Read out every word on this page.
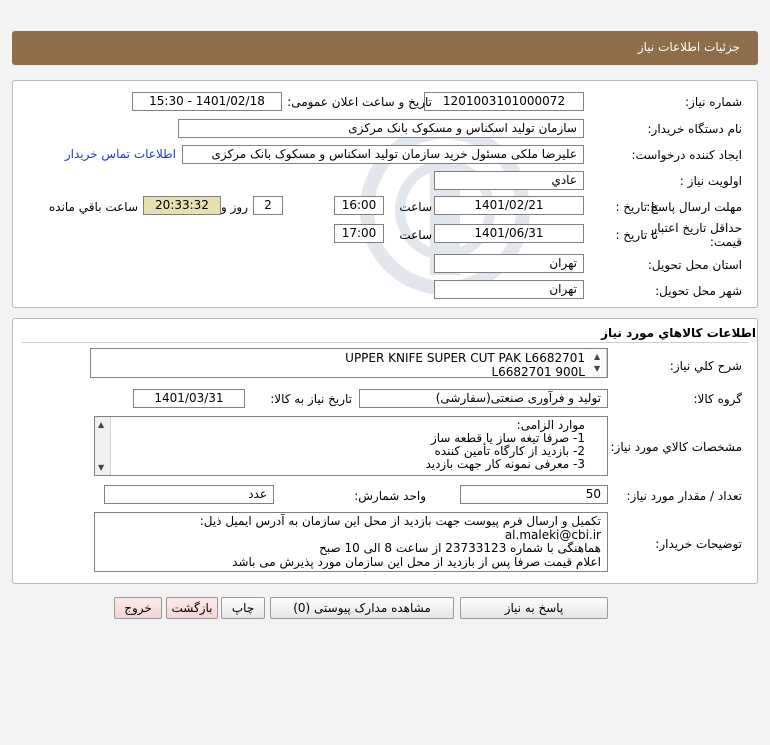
جزئیات اطلاعات نیاز
شماره نیاز:
1201003101000072
تاریخ و ساعت اعلان عمومی:
1401/02/18 - 15:30
نام دستگاه خریدار:
سازمان تولید اسکناس و مسکوک بانک مرکزی
ایجاد کننده درخواست:
علیرضا ملکی مسئول خرید سازمان تولید اسکناس و مسکوک بانک مرکزی
اطلاعات تماس خریدار
اولویت نیاز :
عادي
مهلت ارسال پاسخ:
تا تاریخ :
1401/02/21
ساعت
16:00
2
روز و
20:33:32
ساعت باقي مانده
حداقل تاریخ اعتبار
قیمت:
تا تاریخ :
1401/06/31
ساعت
17:00
استان محل تحویل:
تهران
شهر محل تحویل:
تهران
اطلاعات كالاهاي مورد نياز
شرح كلي نياز:
UPPER KNIFE SUPER CUT PAK L6682701
L6682701 900L
▲
▼
گروه كالا:
تولید و فرآوری صنعتی(سفارشی)
تاریخ نیاز به كالا:
1401/03/31
مشخصات كالاي مورد نياز:
موارد الزامی:
1- صرفا تیغه ساز یا قطعه ساز
2- بازدید از کارگاه تأمین کننده
3- معرفی نمونه کار جهت بازدید
▲
▼
تعداد / مقدار مورد نیاز:
50
واحد شمارش:
عدد
توضیحات خریدار:
تکمیل و ارسال فرم پیوست جهت بازدید از محل این سازمان به آدرس ایمیل ذیل:
al.maleki@cbi.ir
هماهنگی با شماره 23733123 از ساعت 8 الی 10 صبح
اعلام قیمت صرفا پس از بازدید از محل این سازمان مورد پذیرش می باشد
پاسخ به نیاز
مشاهده مدارک پیوستی (0)
چاپ
بازگشت
خروج
